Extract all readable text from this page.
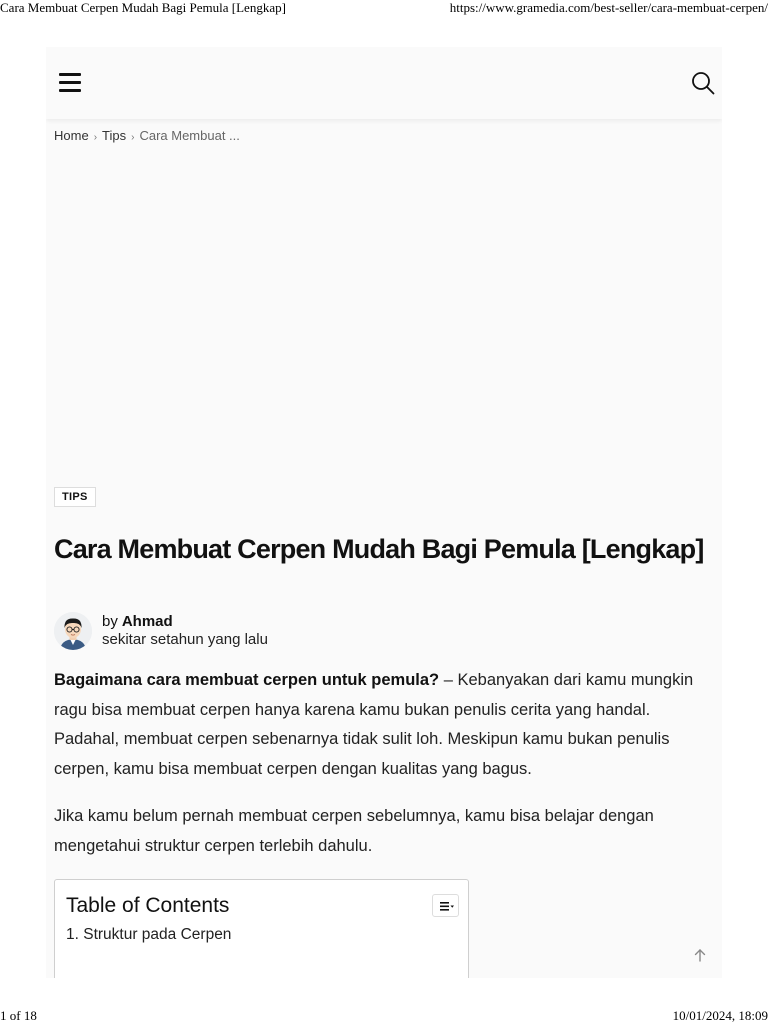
Cara Membuat Cerpen Mudah Bagi Pemula [Lengkap]	https://www.gramedia.com/best-seller/cara-membuat-cerpen/
Home › Tips › Cara Membuat ...
TIPS
Cara Membuat Cerpen Mudah Bagi Pemula [Lengkap]
by Ahmad
sekitar setahun yang lalu

Bagaimana cara membuat cerpen untuk pemula? – Kebanyakan dari kamu mungkin ragu bisa membuat cerpen hanya karena kamu bukan penulis cerita yang handal. Padahal, membuat cerpen sebenarnya tidak sulit loh. Meskipun kamu bukan penulis cerpen, kamu bisa membuat cerpen dengan kualitas yang bagus.

Jika kamu belum pernah membuat cerpen sebelumnya, kamu bisa belajar dengan mengetahui struktur cerpen terlebih dahulu.

Table of Contents
1. Struktur pada Cerpen
1 of 18	10/01/2024, 18:09
